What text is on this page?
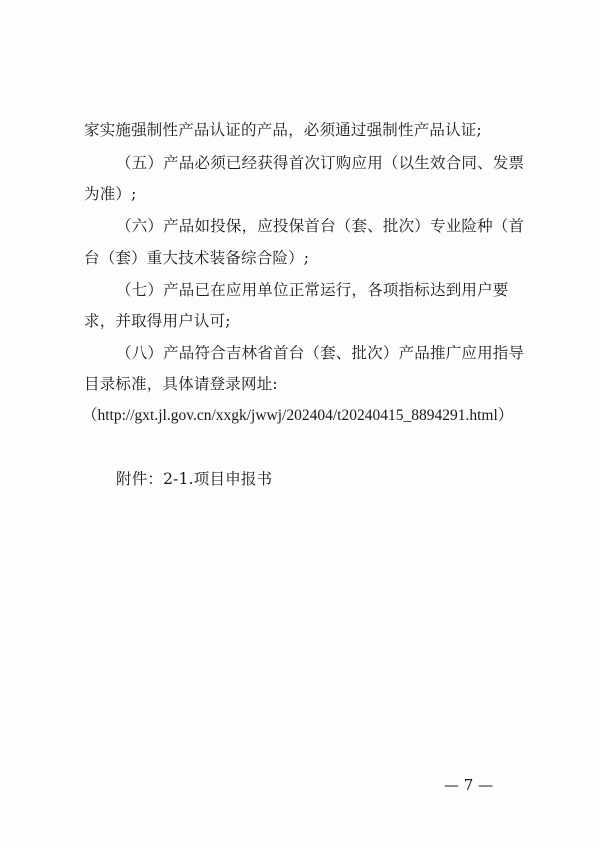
家实施强制性产品认证的产品，必须通过强制性产品认证;
（五）产品必须已经获得首次订购应用（以生效合同、发票
为准）;
（六）产品如投保，应投保首台（套、批次）专业险种（首
台（套）重大技术装备综合险）;
（七）产品已在应用单位正常运行，各项指标达到用户要
求，并取得用户认可;
（八）产品符合吉林省首台（套、批次）产品推广应用指导
目录标准，具体请登录网址:
（http://gxt.jl.gov.cn/xxgk/jwwj/202404/t20240415_8894291.html）
附件：2-1.项目申报书
— 7 —
